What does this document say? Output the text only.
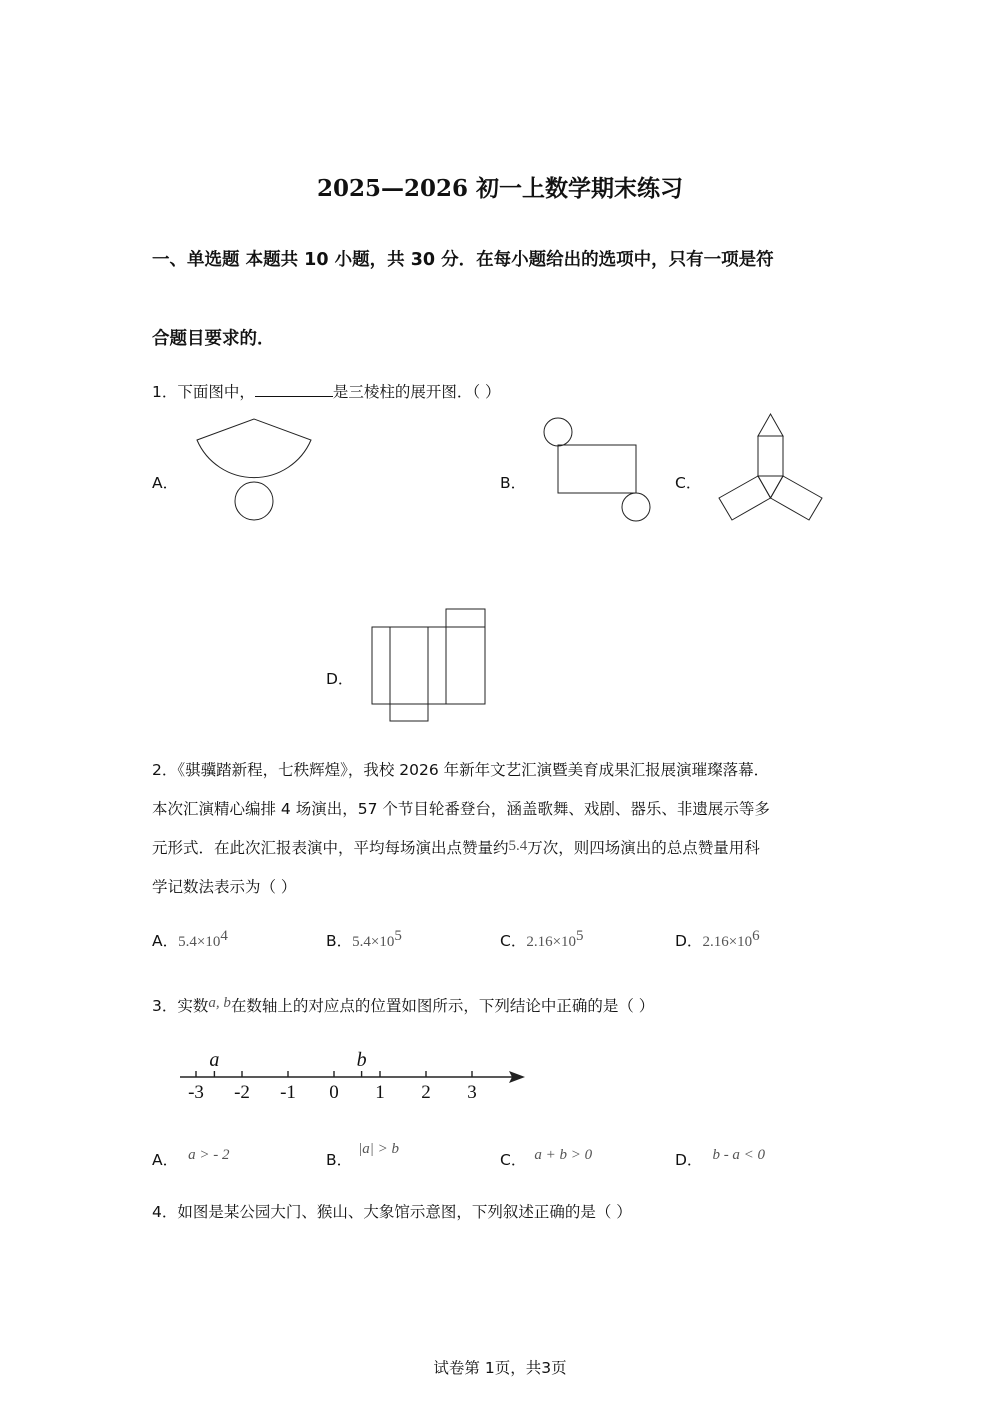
2025—2026 初一上数学期末练习
一、单选题 本题共 10 小题，共 30 分．在每小题给出的选项中，只有一项是符
合题目要求的．
1．下面图中，	是三棱柱的展开图．（ ）
A．	B．	C．
D．
2．《骐骥踏新程，七秩辉煌》，我校 2026 年新年文艺汇演暨美育成果汇报展演璀璨落幕．
本次汇演精心编排 4 场演出，57 个节目轮番登台，涵盖歌舞、戏剧、器乐、非遗展示等多
元形式．在此次汇报表演中，平均每场演出点赞量约5.4万次，则四场演出的总点赞量用科
学记数法表示为（ ）
A．$5.4\times 10^4$	B．$5.4\times 10^5$	C．$2.16\times 10^5$	D．$2.16\times 10^6$
3．实数a, b在数轴上的对应点的位置如图所示，下列结论中正确的是（ ）
-3 -2 -1 0 1 2 3
a	b
A． a > - 2	B．|a| > b
C． a + b > 0	D． b - a < 0
4．如图是某公园大门、猴山、大象馆示意图，下列叙述正确的是（ ）
试卷第 1页，共3页
